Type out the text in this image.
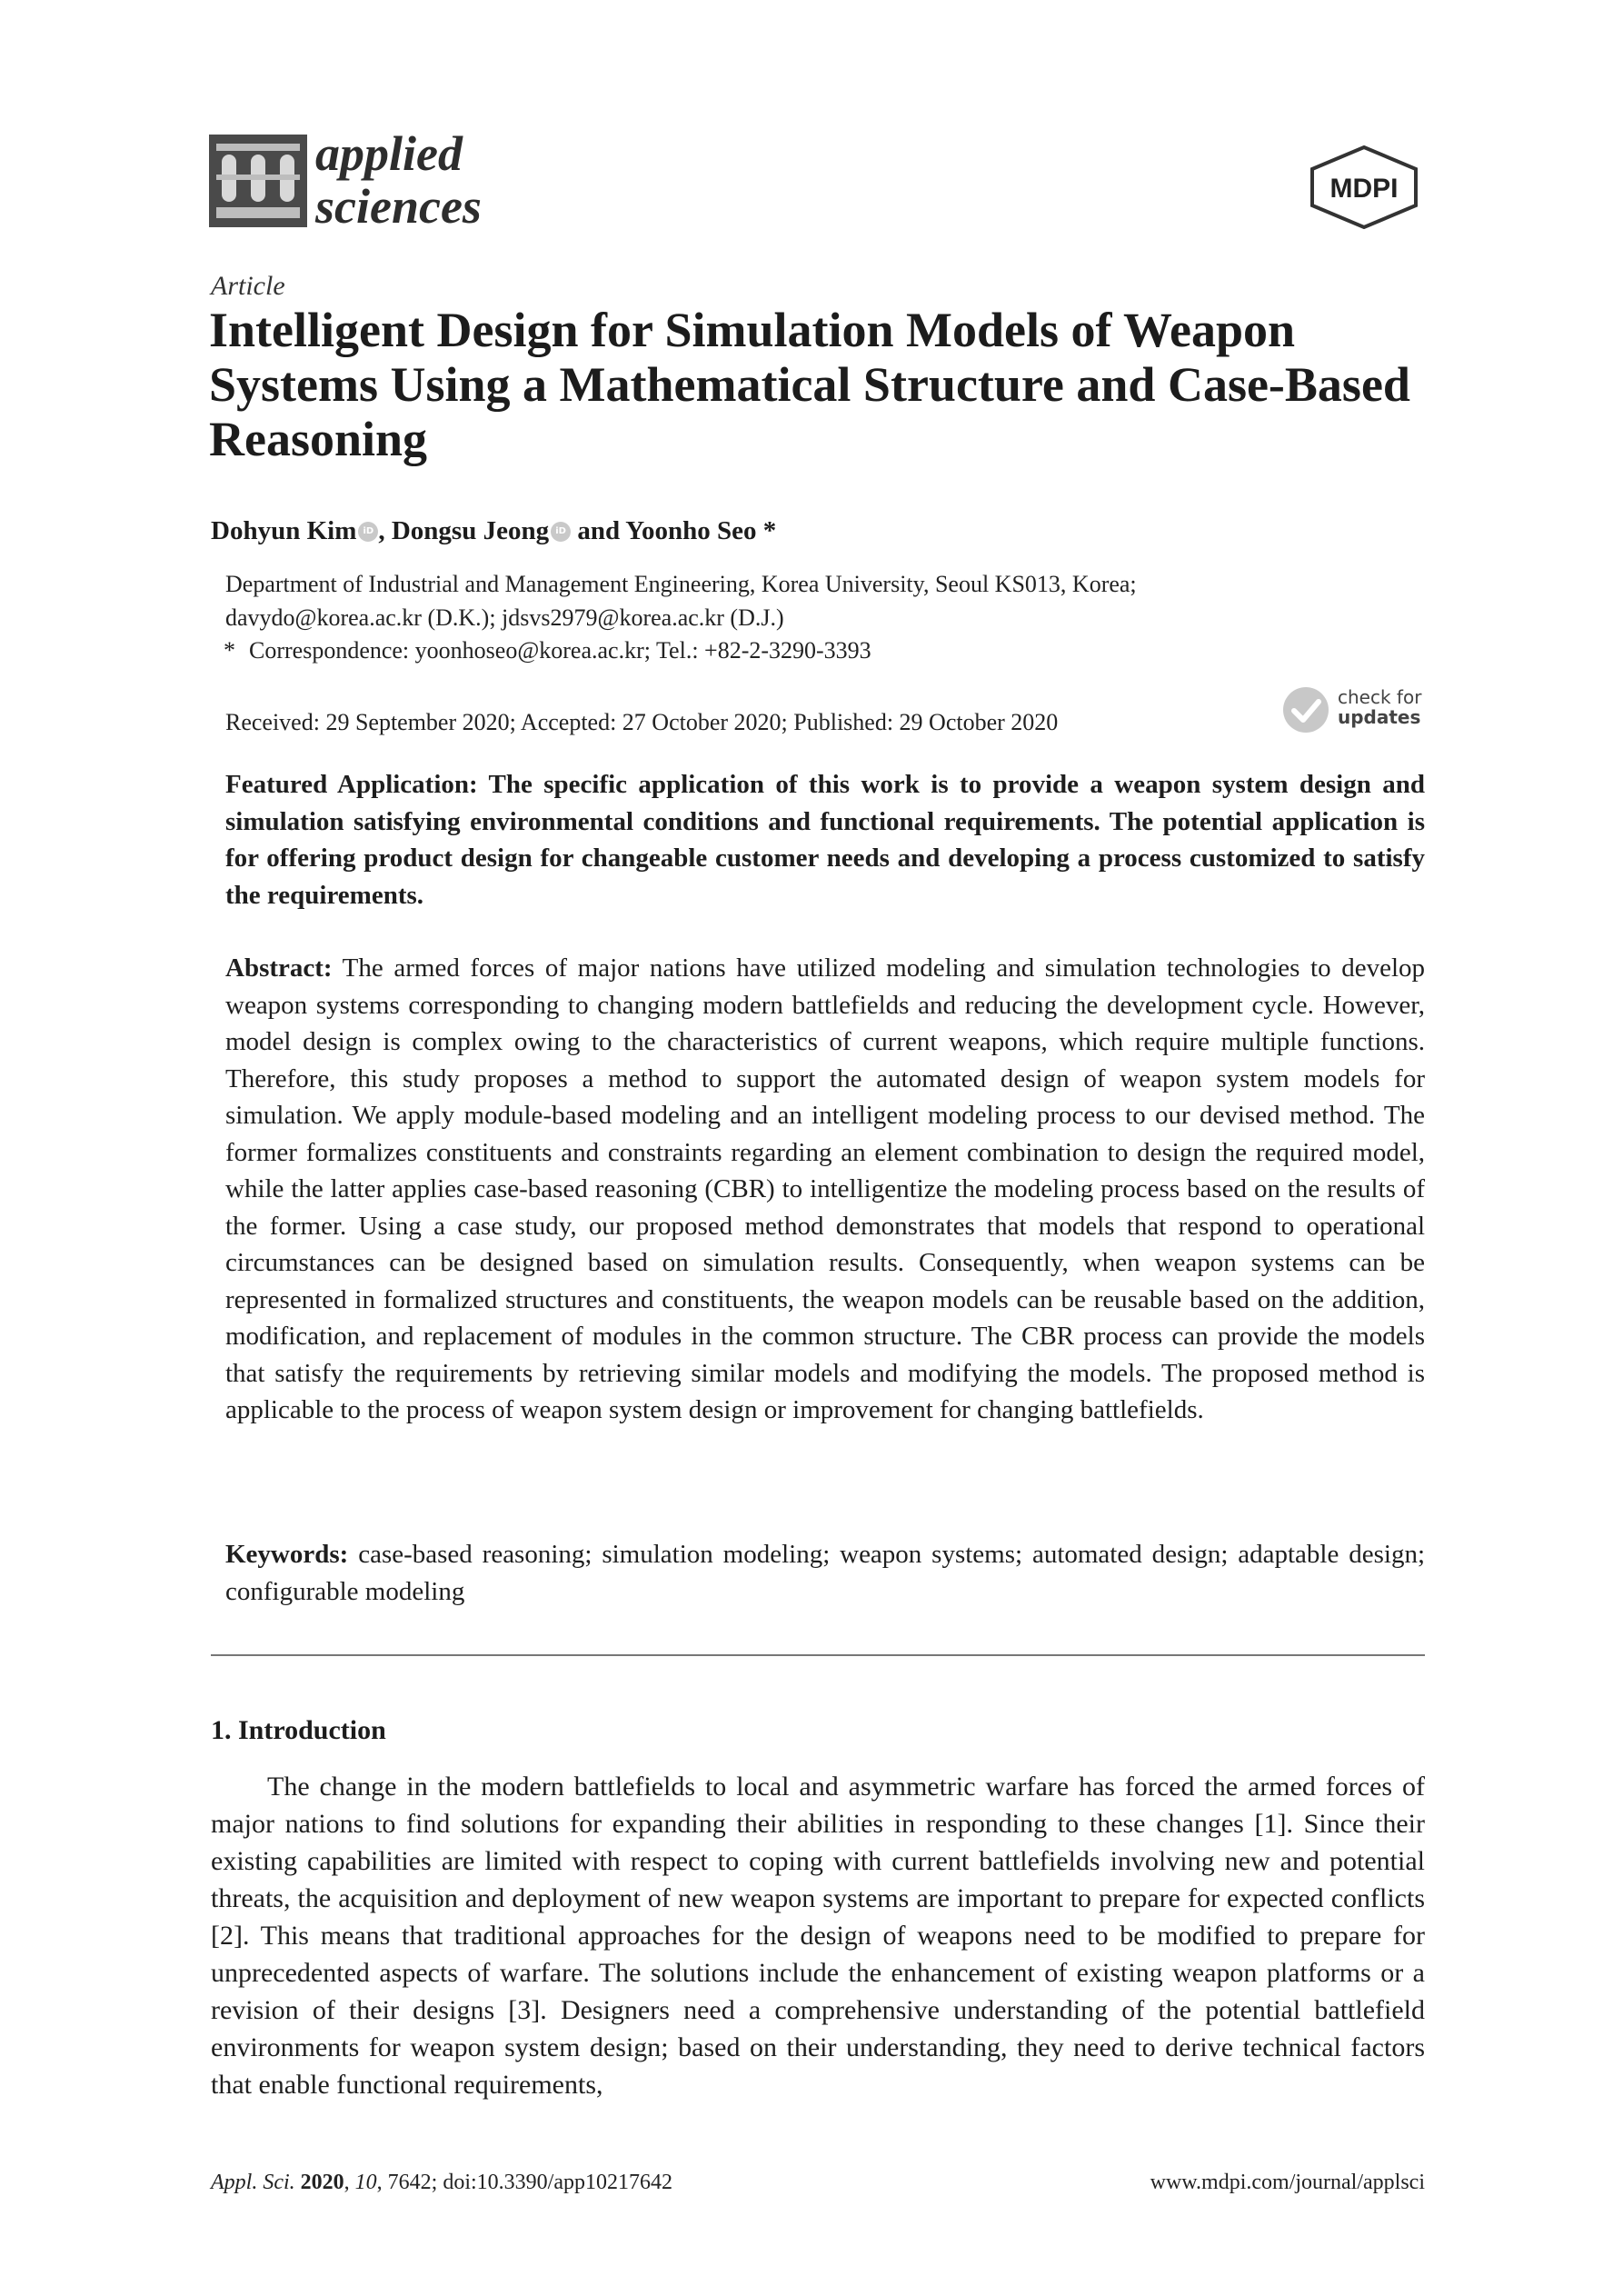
applied
sciences	MDPI
Article
Intelligent Design for Simulation Models of Weapon Systems Using a Mathematical Structure and Case-Based Reasoning
Dohyun Kim iD , Dongsu Jeong iD and Yoonho Seo *
Department of Industrial and Management Engineering, Korea University, Seoul KS013, Korea;
davydo@korea.ac.kr (D.K.); jdsvs2979@korea.ac.kr (D.J.)
* Correspondence: yoonhoseo@korea.ac.kr; Tel.: +82-2-3290-3393
Received: 29 September 2020; Accepted: 27 October 2020; Published: 29 October 2020
check for
updates
Featured Application: The specific application of this work is to provide a weapon system design and simulation satisfying environmental conditions and functional requirements. The potential application is for offering product design for changeable customer needs and developing a process customized to satisfy the requirements.
Abstract: The armed forces of major nations have utilized modeling and simulation technologies to develop weapon systems corresponding to changing modern battlefields and reducing the development cycle. However, model design is complex owing to the characteristics of current weapons, which require multiple functions. Therefore, this study proposes a method to support the automated design of weapon system models for simulation. We apply module-based modeling and an intelligent modeling process to our devised method. The former formalizes constituents and constraints regarding an element combination to design the required model, while the latter applies case-based reasoning (CBR) to intelligentize the modeling process based on the results of the former. Using a case study, our proposed method demonstrates that models that respond to operational circumstances can be designed based on simulation results. Consequently, when weapon systems can be represented in formalized structures and constituents, the weapon models can be reusable based on the addition, modification, and replacement of modules in the common structure. The CBR process can provide the models that satisfy the requirements by retrieving similar models and modifying the models. The proposed method is applicable to the process of weapon system design or improvement for changing battlefields.
Keywords: case-based reasoning; simulation modeling; weapon systems; automated design; adaptable design; configurable modeling
1. Introduction
The change in the modern battlefields to local and asymmetric warfare has forced the armed forces of major nations to find solutions for expanding their abilities in responding to these changes [1]. Since their existing capabilities are limited with respect to coping with current battlefields involving new and potential threats, the acquisition and deployment of new weapon systems are important to prepare for expected conflicts [2]. This means that traditional approaches for the design of weapons need to be modified to prepare for unprecedented aspects of warfare. The solutions include the enhancement of existing weapon platforms or a revision of their designs [3]. Designers need a comprehensive understanding of the potential battlefield environments for weapon system design; based on their understanding, they need to derive technical factors that enable functional requirements,
Appl. Sci. 2020, 10, 7642; doi:10.3390/app10217642	www.mdpi.com/journal/applsci
